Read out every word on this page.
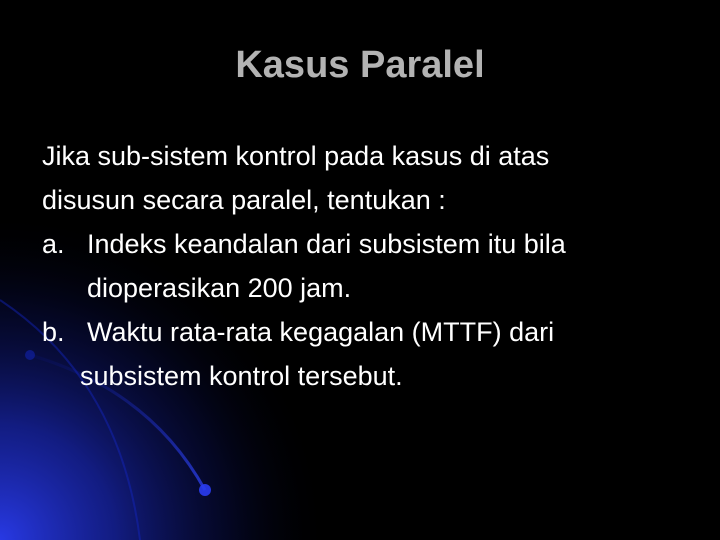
Kasus Paralel

Jika sub-sistem kontrol pada kasus di atas

disusun secara paralel, tentukan :

a. Indeks keandalan dari subsistem itu bila
dioperasikan 200 jam.
b. Waktu rata-rata kegagalan (MTTF) dari
subsistem kontrol tersebut.
